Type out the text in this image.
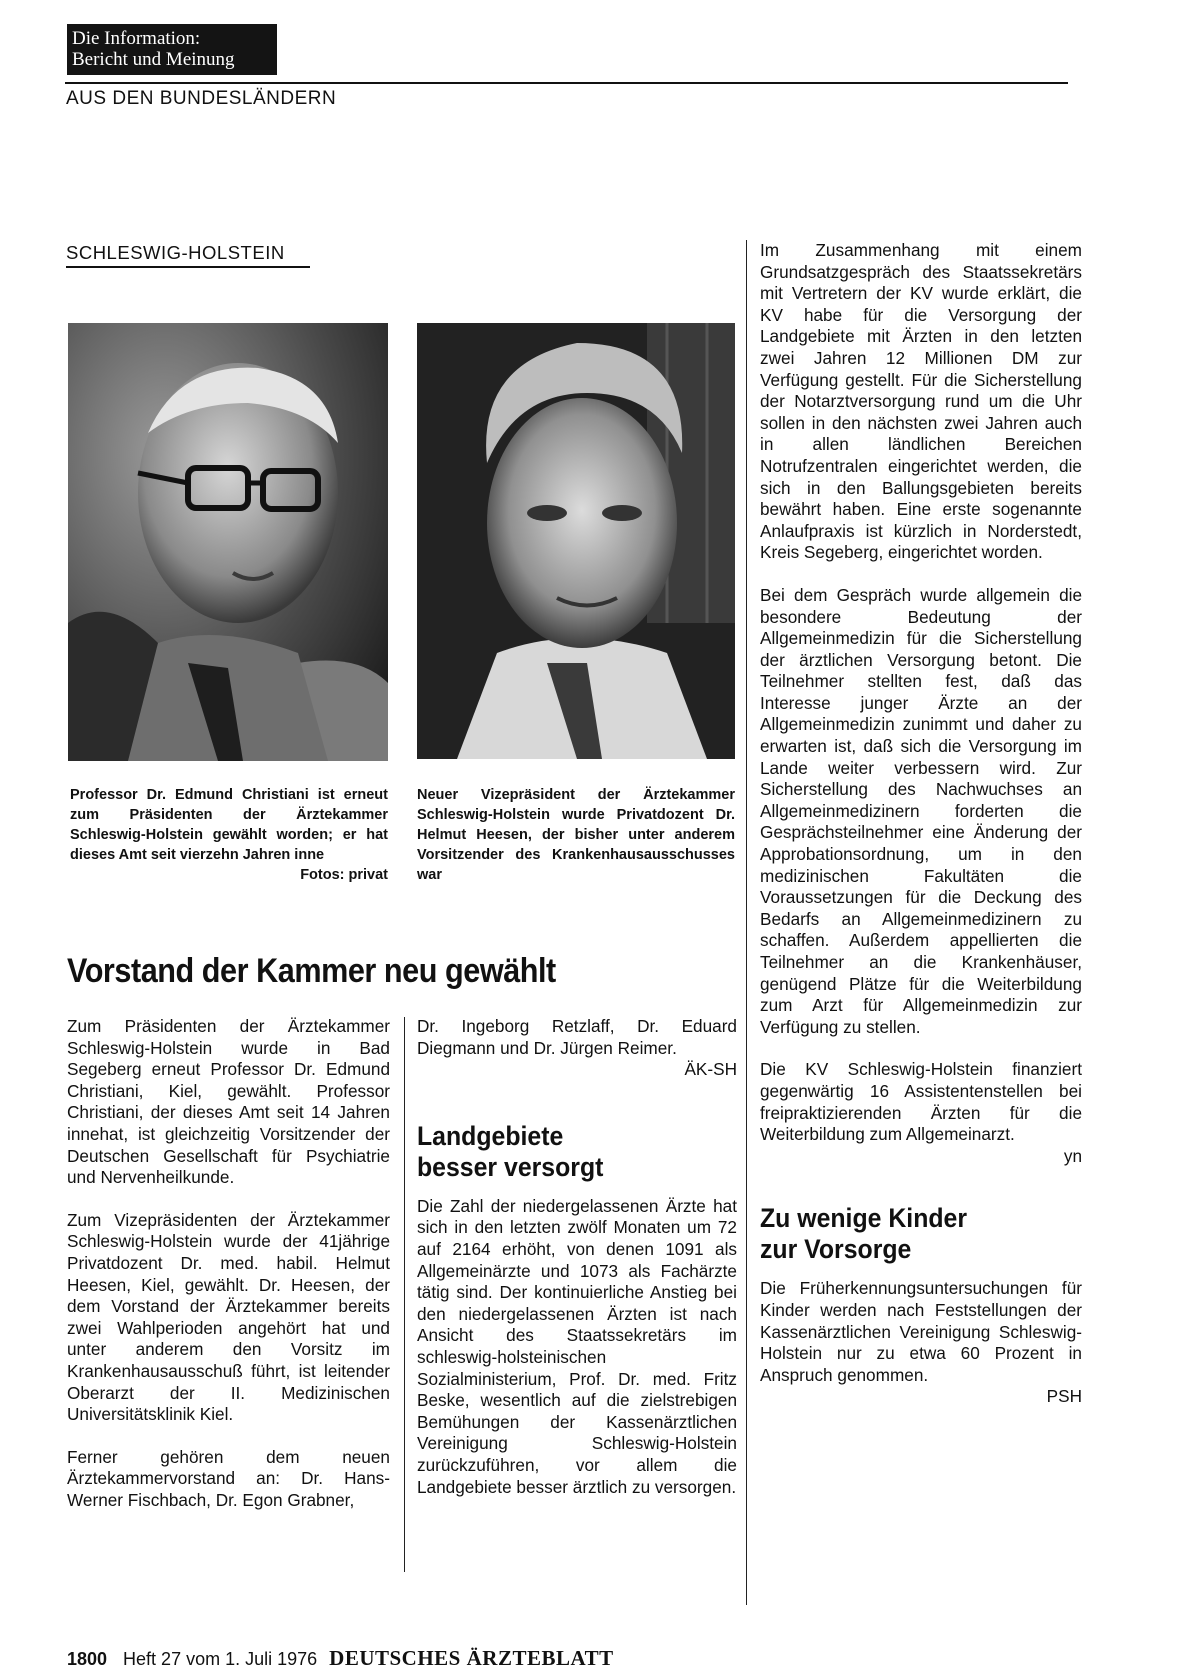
Die Information:
Bericht und Meinung
AUS DEN BUNDESLÄNDERN
SCHLESWIG-HOLSTEIN
Professor Dr. Edmund Christiani ist erneut zum Präsidenten der Ärztekammer Schleswig-Holstein gewählt worden; er hat dieses Amt seit vierzehn Jahren inne
Fotos: privat
Neuer Vizepräsident der Ärztekammer Schleswig-Holstein wurde Privatdozent Dr. Helmut Heesen, der bisher unter anderem Vorsitzender des Krankenhausausschusses war
Vorstand der Kammer neu gewählt

Zum Präsidenten der Ärztekammer Schleswig-Holstein wurde in Bad Segeberg erneut Professor Dr. Edmund Christiani, Kiel, gewählt. Professor Christiani, der dieses Amt seit 14 Jahren innehat, ist gleichzeitig Vorsitzender der Deutschen Gesellschaft für Psychiatrie und Nervenheilkunde.

Zum Vizepräsidenten der Ärztekammer Schleswig-Holstein wurde der 41jährige Privatdozent Dr. med. habil. Helmut Heesen, Kiel, gewählt. Dr. Heesen, der dem Vorstand der Ärztekammer bereits zwei Wahlperioden angehört hat und unter anderem den Vorsitz im Krankenhausausschuß führt, ist leitender Oberarzt der II. Medizinischen Universitätsklinik Kiel.

Ferner gehören dem neuen Ärztekammervorstand an: Dr. Hans-Werner Fischbach, Dr. Egon Grabner,

Dr. Ingeborg Retzlaff, Dr. Eduard Diegmann und Dr. Jürgen Reimer.

ÄK-SH
Landgebiete
besser versorgt

Die Zahl der niedergelassenen Ärzte hat sich in den letzten zwölf Monaten um 72 auf 2164 erhöht, von denen 1091 als Allgemeinärzte und 1073 als Fachärzte tätig sind. Der kontinuierliche Anstieg bei den niedergelassenen Ärzten ist nach Ansicht des Staatssekretärs im schleswig-holsteinischen Sozialministerium, Prof. Dr. med. Fritz Beske, wesentlich auf die zielstrebigen Bemühungen der Kassenärztlichen Vereinigung Schleswig-Holstein zurückzuführen, vor allem die Landgebiete besser ärztlich zu versorgen.

Im Zusammenhang mit einem Grundsatzgespräch des Staatssekretärs mit Vertretern der KV wurde erklärt, die KV habe für die Versorgung der Landgebiete mit Ärzten in den letzten zwei Jahren 12 Millionen DM zur Verfügung gestellt. Für die Sicherstellung der Notarztversorgung rund um die Uhr sollen in den nächsten zwei Jahren auch in allen ländlichen Bereichen Notrufzentralen eingerichtet werden, die sich in den Ballungsgebieten bereits bewährt haben. Eine erste sogenannte Anlaufpraxis ist kürzlich in Norderstedt, Kreis Segeberg, eingerichtet worden.

Bei dem Gespräch wurde allgemein die besondere Bedeutung der Allgemeinmedizin für die Sicherstellung der ärztlichen Versorgung betont. Die Teilnehmer stellten fest, daß das Interesse junger Ärzte an der Allgemeinmedizin zunimmt und daher zu erwarten ist, daß sich die Versorgung im Lande weiter verbessern wird. Zur Sicherstellung des Nachwuchses an Allgemeinmedizinern forderten die Gesprächsteilnehmer eine Änderung der Approbationsordnung, um in den medizinischen Fakultäten die Voraussetzungen für die Deckung des Bedarfs an Allgemeinmedizinern zu schaffen. Außerdem appellierten die Teilnehmer an die Krankenhäuser, genügend Plätze für die Weiterbildung zum Arzt für Allgemeinmedizin zur Verfügung zu stellen.

Die KV Schleswig-Holstein finanziert gegenwärtig 16 Assistentenstellen bei freipraktizierenden Ärzten für die Weiterbildung zum Allgemeinarzt.

yn
Zu wenige Kinder
zur Vorsorge

Die Früherkennungsuntersuchungen für Kinder werden nach Feststellungen der Kassenärztlichen Vereinigung Schleswig-Holstein nur zu etwa 60 Prozent in Anspruch genommen.

PSH
1800 Heft 27 vom 1. Juli 1976 DEUTSCHES ÄRZTEBLATT
